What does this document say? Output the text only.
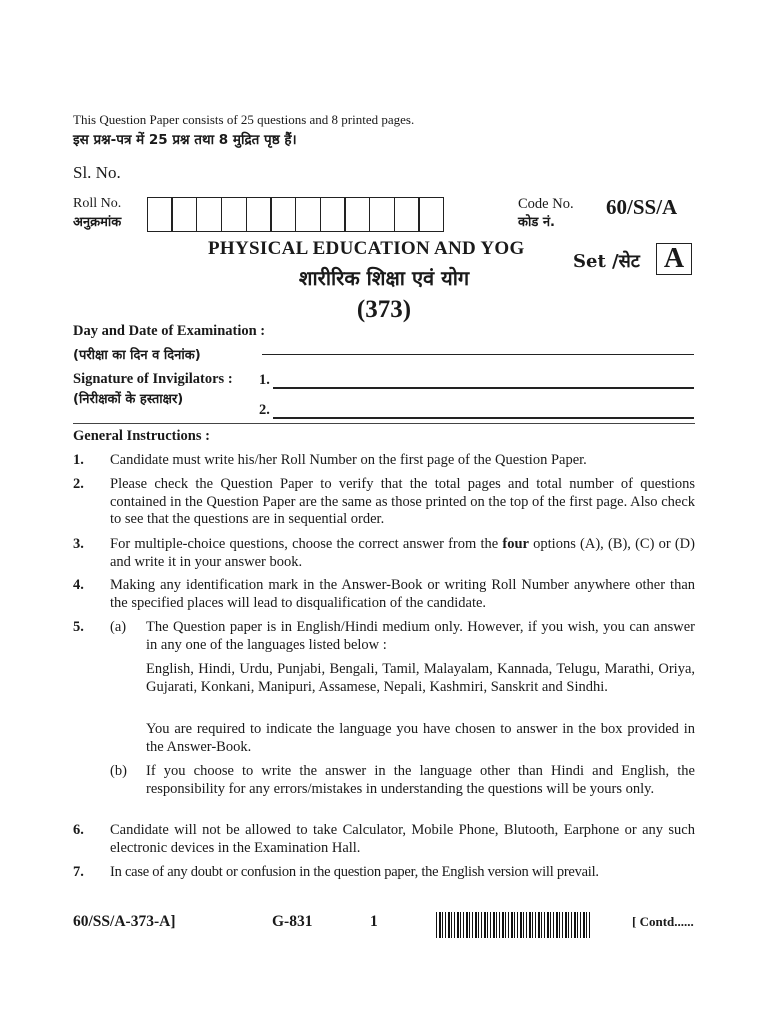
This Question Paper consists of 25 questions and 8 printed pages.
इस प्रश्न-पत्र में 25 प्रश्न तथा 8 मुद्रित पृष्ठ हैं।
Sl. No.
Roll No.
अनुक्रमांक
Code No.
कोड नं.
60/SS/A
PHYSICAL EDUCATION AND YOG
Set /सेट A
शारीरिक शिक्षा एवं योग
(373)
Day and Date of Examination :
(परीक्षा का दिन व दिनांक)
Signature of Invigilators : 1.
(निरीक्षकों के हस्ताक्षर)
2.
General Instructions :
1. Candidate must write his/her Roll Number on the first page of the Question Paper.
2. Please check the Question Paper to verify that the total pages and total number of questions contained in the Question Paper are the same as those printed on the top of the first page. Also check to see that the questions are in sequential order.
3. For multiple-choice questions, choose the correct answer from the four options (A), (B), (C) or (D) and write it in your answer book.
4. Making any identification mark in the Answer-Book or writing Roll Number anywhere other than the specified places will lead to disqualification of the candidate.
5. (a) The Question paper is in English/Hindi medium only. However, if you wish, you can answer in any one of the languages listed below :
English, Hindi, Urdu, Punjabi, Bengali, Tamil, Malayalam, Kannada, Telugu, Marathi, Oriya, Gujarati, Konkani, Manipuri, Assamese, Nepali, Kashmiri, Sanskrit and Sindhi.
You are required to indicate the language you have chosen to answer in the box provided in the Answer-Book.
(b) If you choose to write the answer in the language other than Hindi and English, the responsibility for any errors/mistakes in understanding the questions will be yours only.
6. Candidate will not be allowed to take Calculator, Mobile Phone, Blutooth, Earphone or any such electronic devices in the Examination Hall.
7. In case of any doubt or confusion in the question paper, the English version will prevail.
60/SS/A-373-A]	G-831	1	[ Contd......
